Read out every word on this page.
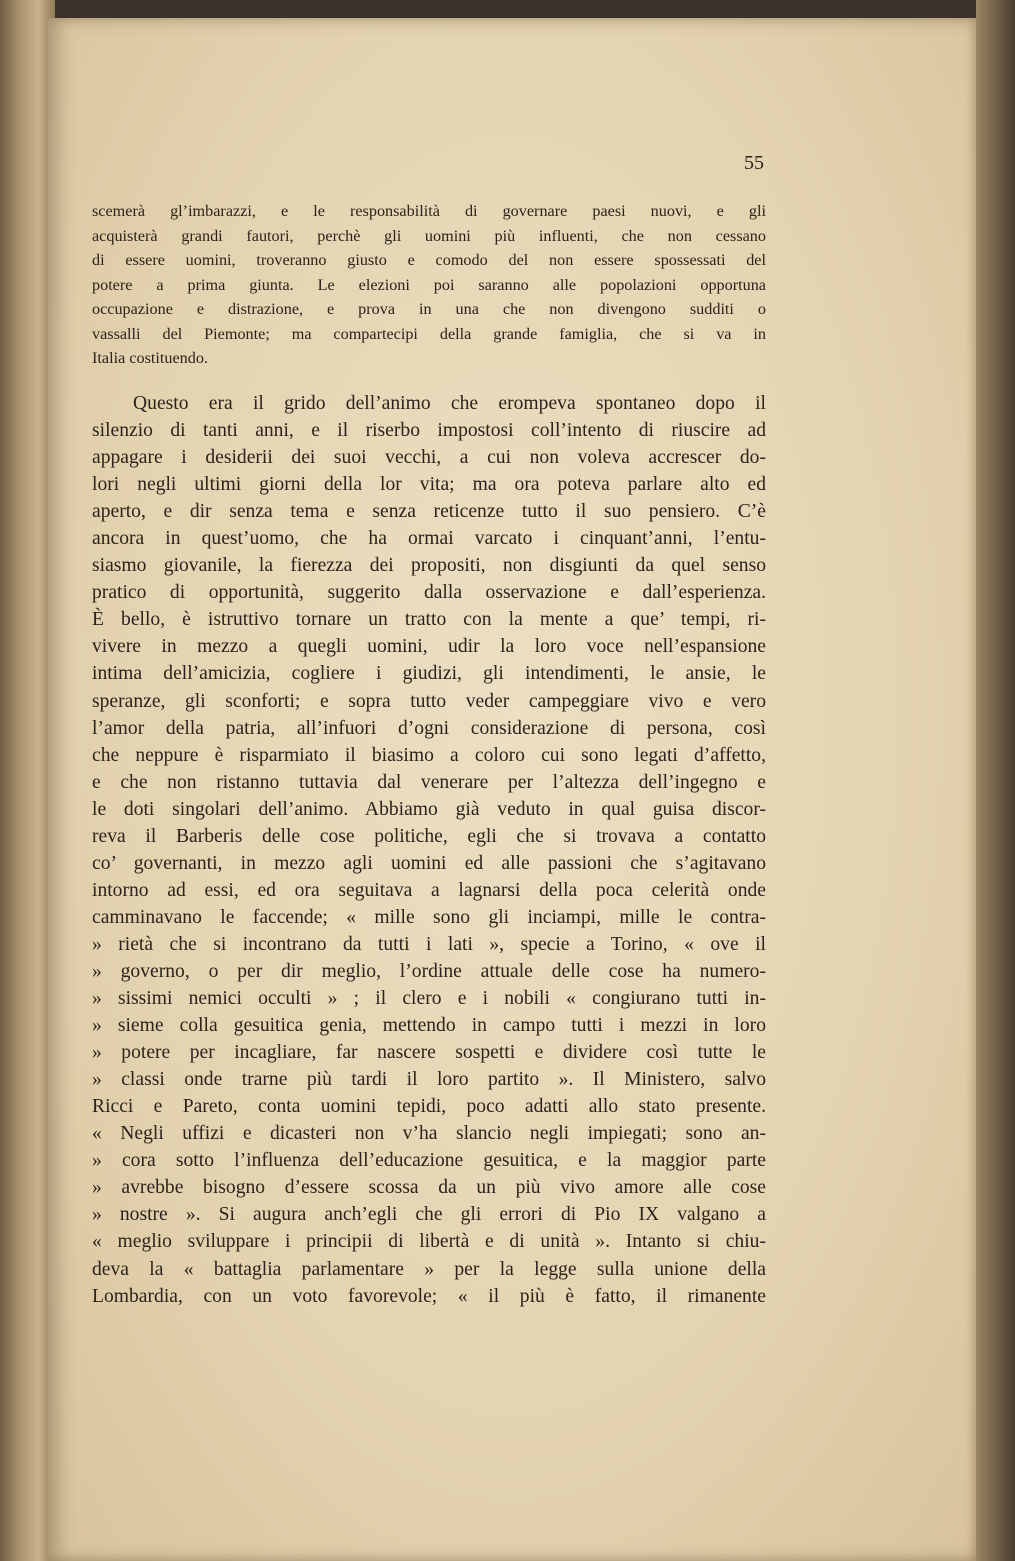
55
scemerà gl’imbarazzi, e le responsabilità di governare paesi nuovi, e gli
acquisterà grandi fautori, perchè gli uomini più influenti, che non cessano
di essere uomini, troveranno giusto e comodo del non essere spossessati del
potere a prima giunta. Le elezioni poi saranno alle popolazioni opportuna
occupazione e distrazione, e prova in una che non divengono sudditi o
vassalli del Piemonte; ma compartecipi della grande famiglia, che si va in
Italia costituendo.
Questo era il grido dell’animo che erompeva spontaneo dopo il
silenzio di tanti anni, e il riserbo impostosi coll’intento di riuscire ad
appagare i desiderii dei suoi vecchi, a cui non voleva accrescer do-
lori negli ultimi giorni della lor vita; ma ora poteva parlare alto ed
aperto, e dir senza tema e senza reticenze tutto il suo pensiero. C’è
ancora in quest’uomo, che ha ormai varcato i cinquant’anni, l’entu-
siasmo giovanile, la fierezza dei propositi, non disgiunti da quel senso
pratico di opportunità, suggerito dalla osservazione e dall’esperienza.
È bello, è istruttivo tornare un tratto con la mente a que’ tempi, ri-
vivere in mezzo a quegli uomini, udir la loro voce nell’espansione
intima dell’amicizia, cogliere i giudizi, gli intendimenti, le ansie, le
speranze, gli sconforti; e sopra tutto veder campeggiare vivo e vero
l’amor della patria, all’infuori d’ogni considerazione di persona, così
che neppure è risparmiato il biasimo a coloro cui sono legati d’affetto,
e che non ristanno tuttavia dal venerare per l’altezza dell’ingegno e
le doti singolari dell’animo. Abbiamo già veduto in qual guisa discor-
reva il Barberis delle cose politiche, egli che si trovava a contatto
co’ governanti, in mezzo agli uomini ed alle passioni che s’agitavano
intorno ad essi, ed ora seguitava a lagnarsi della poca celerità onde
camminavano le faccende; « mille sono gli inciampi, mille le contra-
» rietà che si incontrano da tutti i lati », specie a Torino, « ove il
» governo, o per dir meglio, l’ordine attuale delle cose ha numero-
» sissimi nemici occulti » ; il clero e i nobili « congiurano tutti in-
» sieme colla gesuitica genia, mettendo in campo tutti i mezzi in loro
» potere per incagliare, far nascere sospetti e dividere così tutte le
» classi onde trarne più tardi il loro partito ». Il Ministero, salvo
Ricci e Pareto, conta uomini tepidi, poco adatti allo stato presente.
« Negli uffizi e dicasteri non v’ha slancio negli impiegati; sono an-
» cora sotto l’influenza dell’educazione gesuitica, e la maggior parte
» avrebbe bisogno d’essere scossa da un più vivo amore alle cose
» nostre ». Si augura anch’egli che gli errori di Pio IX valgano a
« meglio sviluppare i principii di libertà e di unità ». Intanto si chiu-
deva la « battaglia parlamentare » per la legge sulla unione della
Lombardia, con un voto favorevole; « il più è fatto, il rimanente
